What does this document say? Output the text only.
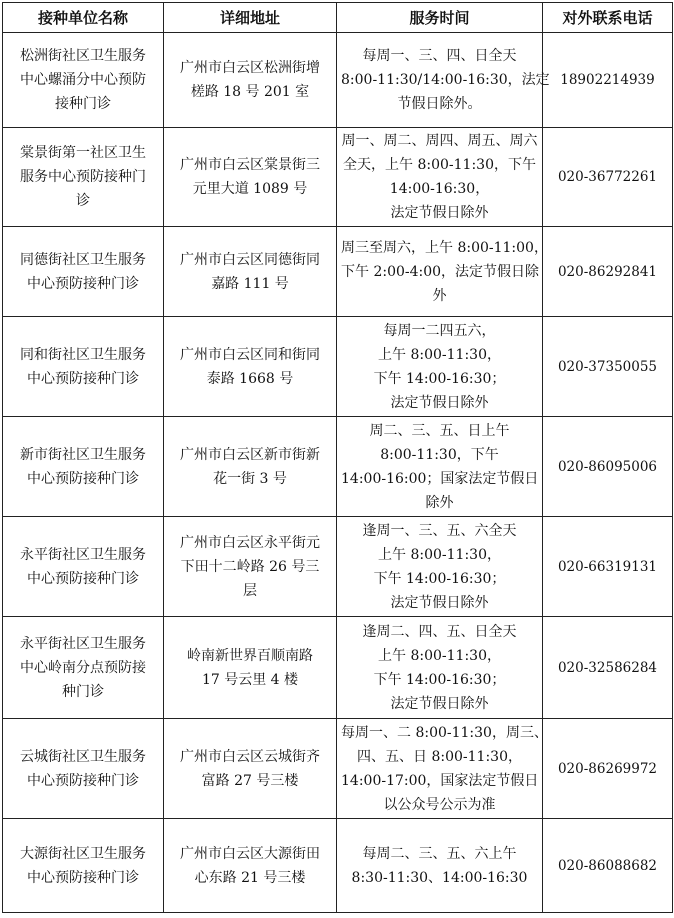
接种单位名称	详细地址	服务时间	对外联系电话

松洲街社区卫生服务
中心螺涌分中心预防
接种门诊	广州市白云区松洲街增
槎路 18 号 201 室	每周一、三、四、日全天
8:00-11:30/14:00-16:30，法定
节假日除外。	18902214939

棠景街第一社区卫生
服务中心预防接种门
诊	广州市白云区棠景街三
元里大道 1089 号	周一、周二、周四、周五、周六
全天，上午 8:00-11:30，下午
14:00-16:30，
法定节假日除外	020-36772261

同德街社区卫生服务
中心预防接种门诊	广州市白云区同德街同
嘉路 111 号	周三至周六，上午 8:00-11:00，
下午 2:00-4:00，法定节假日除
外	020-86292841

同和街社区卫生服务
中心预防接种门诊	广州市白云区同和街同
泰路 1668 号	每周一二四五六，
上午 8:00-11:30，
下午 14:00-16:30；
法定节假日除外	020-37350055

新市街社区卫生服务
中心预防接种门诊	广州市白云区新市街新
花一街 3 号	周二、三、五、日上午
8:00-11:30，下午
14:00-16:00；国家法定节假日
除外	020-86095006

永平街社区卫生服务
中心预防接种门诊	广州市白云区永平街元
下田十二岭路 26 号三
层	逢周一、三、五、六全天
上午 8:00-11:30，
下午 14:00-16:30；
法定节假日除外	020-66319131

永平街社区卫生服务
中心岭南分点预防接
种门诊	岭南新世界百顺南路
17 号云里 4 楼	逢周二、四、五、日全天
上午 8:00-11:30，
下午 14:00-16:30；
法定节假日除外	020-32586284

云城街社区卫生服务
中心预防接种门诊	广州市白云区云城街齐
富路 27 号三楼	每周一、二 8:00-11:30，周三、
四、五、日 8:00-11:30，
14:00-17:00，国家法定节假日
以公众号公示为准	020-86269972

大源街社区卫生服务
中心预防接种门诊	广州市白云区大源街田
心东路 21 号三楼	每周二、三、五、六上午
8:30-11:30、14:00-16:30	020-86088682
